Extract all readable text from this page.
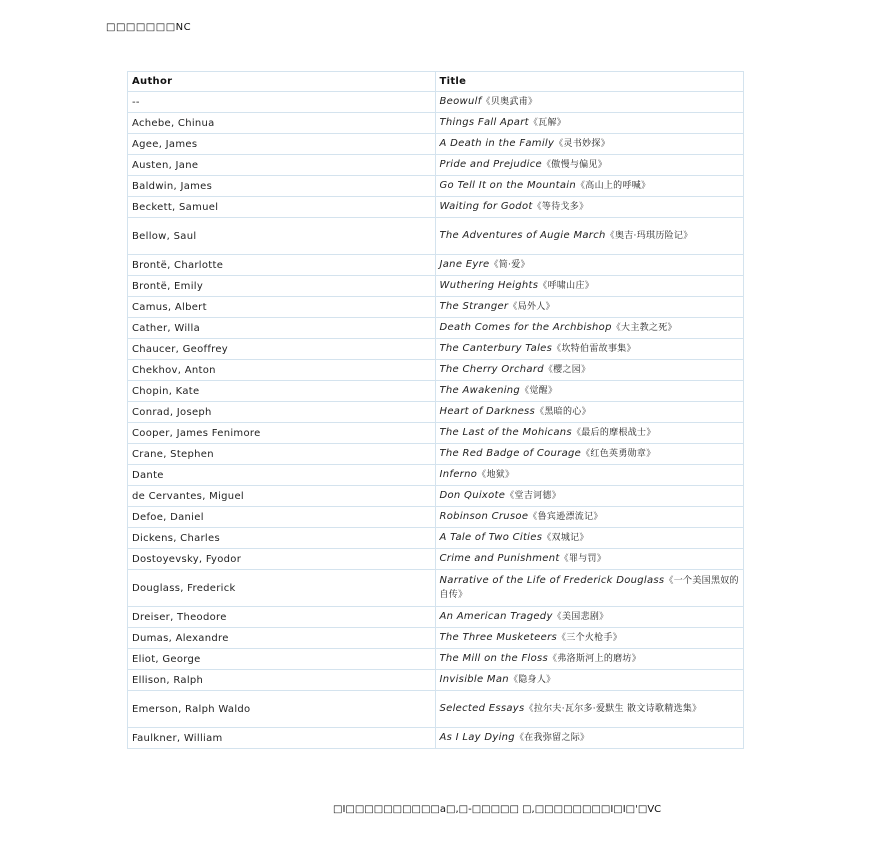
□□□□□□□NC
Author	Title
--	Beowulf《贝奥武甫》
Achebe, Chinua	Things Fall Apart《瓦解》
Agee, James	A Death in the Family《灵书妙探》
Austen, Jane	Pride and Prejudice《傲慢与偏见》
Baldwin, James	Go Tell It on the Mountain《高山上的呼喊》
Beckett, Samuel	Waiting for Godot《等待戈多》
Bellow, Saul	The Adventures of Augie March《奥吉·玛琪历险记》
Brontë, Charlotte	Jane Eyre《简·爱》
Brontë, Emily	Wuthering Heights《呼啸山庄》
Camus, Albert	The Stranger《局外人》
Cather, Willa	Death Comes for the Archbishop《大主教之死》
Chaucer, Geoffrey	The Canterbury Tales《坎特伯雷故事集》
Chekhov, Anton	The Cherry Orchard《樱之园》
Chopin, Kate	The Awakening《觉醒》
Conrad, Joseph	Heart of Darkness《黑暗的心》
Cooper, James Fenimore	The Last of the Mohicans《最后的摩根战士》
Crane, Stephen	The Red Badge of Courage《红色英勇勋章》
Dante	Inferno《地狱》
de Cervantes, Miguel	Don Quixote《堂吉诃德》
Defoe, Daniel	Robinson Crusoe《鲁宾逊漂流记》
Dickens, Charles	A Tale of Two Cities《双城记》
Dostoyevsky, Fyodor	Crime and Punishment《罪与罚》
Douglass, Frederick	Narrative of the Life of Frederick Douglass《一个美国黑奴的自传》
Dreiser, Theodore	An American Tragedy《美国悲剧》
Dumas, Alexandre	The Three Musketeers《三个火枪手》
Eliot, George	The Mill on the Floss《弗洛斯河上的磨坊》
Ellison, Ralph	Invisible Man《隐身人》
Emerson, Ralph Waldo	Selected Essays《拉尔夫·瓦尔多·爱默生 散文诗歌精选集》
Faulkner, William	As I Lay Dying《在我弥留之际》
□I□□□□□□□□□□a□,□-□□□□□ □,□□□□□□□□I□I□'□VC
